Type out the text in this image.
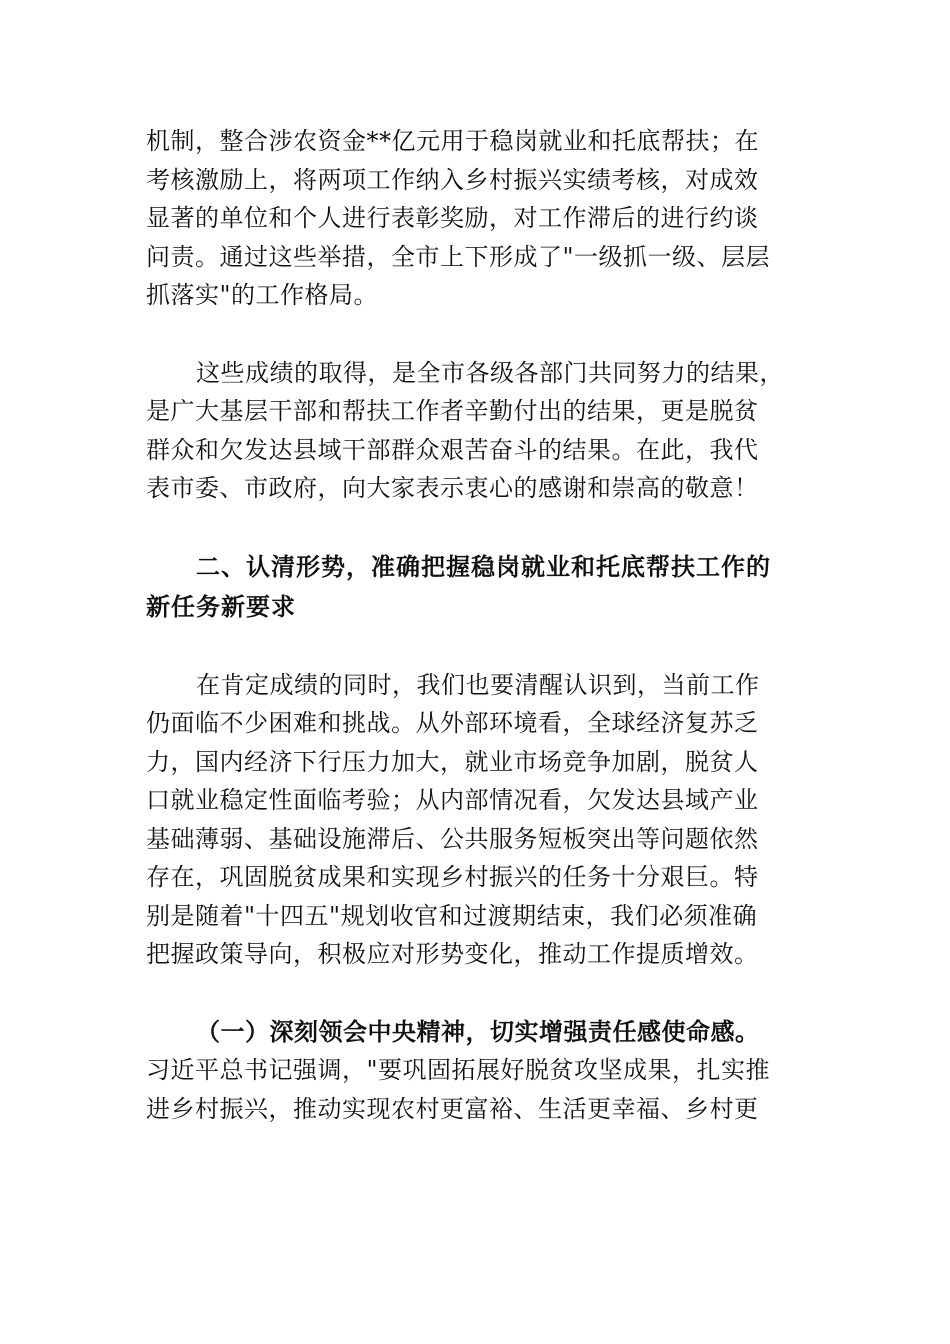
机制，整合涉农资金**亿元用于稳岗就业和托底帮扶；在
考核激励上，将两项工作纳入乡村振兴实绩考核，对成效
显著的单位和个人进行表彰奖励，对工作滞后的进行约谈
问责。通过这些举措，全市上下形成了"一级抓一级、层层
抓落实"的工作格局。

这些成绩的取得，是全市各级各部门共同努力的结果，
是广大基层干部和帮扶工作者辛勤付出的结果，更是脱贫
群众和欠发达县域干部群众艰苦奋斗的结果。在此，我代
表市委、市政府，向大家表示衷心的感谢和崇高的敬意！

二、认清形势，准确把握稳岗就业和托底帮扶工作的
新任务新要求

在肯定成绩的同时，我们也要清醒认识到，当前工作
仍面临不少困难和挑战。从外部环境看，全球经济复苏乏
力，国内经济下行压力加大，就业市场竞争加剧，脱贫人
口就业稳定性面临考验；从内部情况看，欠发达县域产业
基础薄弱、基础设施滞后、公共服务短板突出等问题依然
存在，巩固脱贫成果和实现乡村振兴的任务十分艰巨。特
别是随着"十四五"规划收官和过渡期结束，我们必须准确
把握政策导向，积极应对形势变化，推动工作提质增效。

（一）深刻领会中央精神，切实增强责任感使命感。
习近平总书记强调，"要巩固拓展好脱贫攻坚成果，扎实推
进乡村振兴，推动实现农村更富裕、生活更幸福、乡村更
